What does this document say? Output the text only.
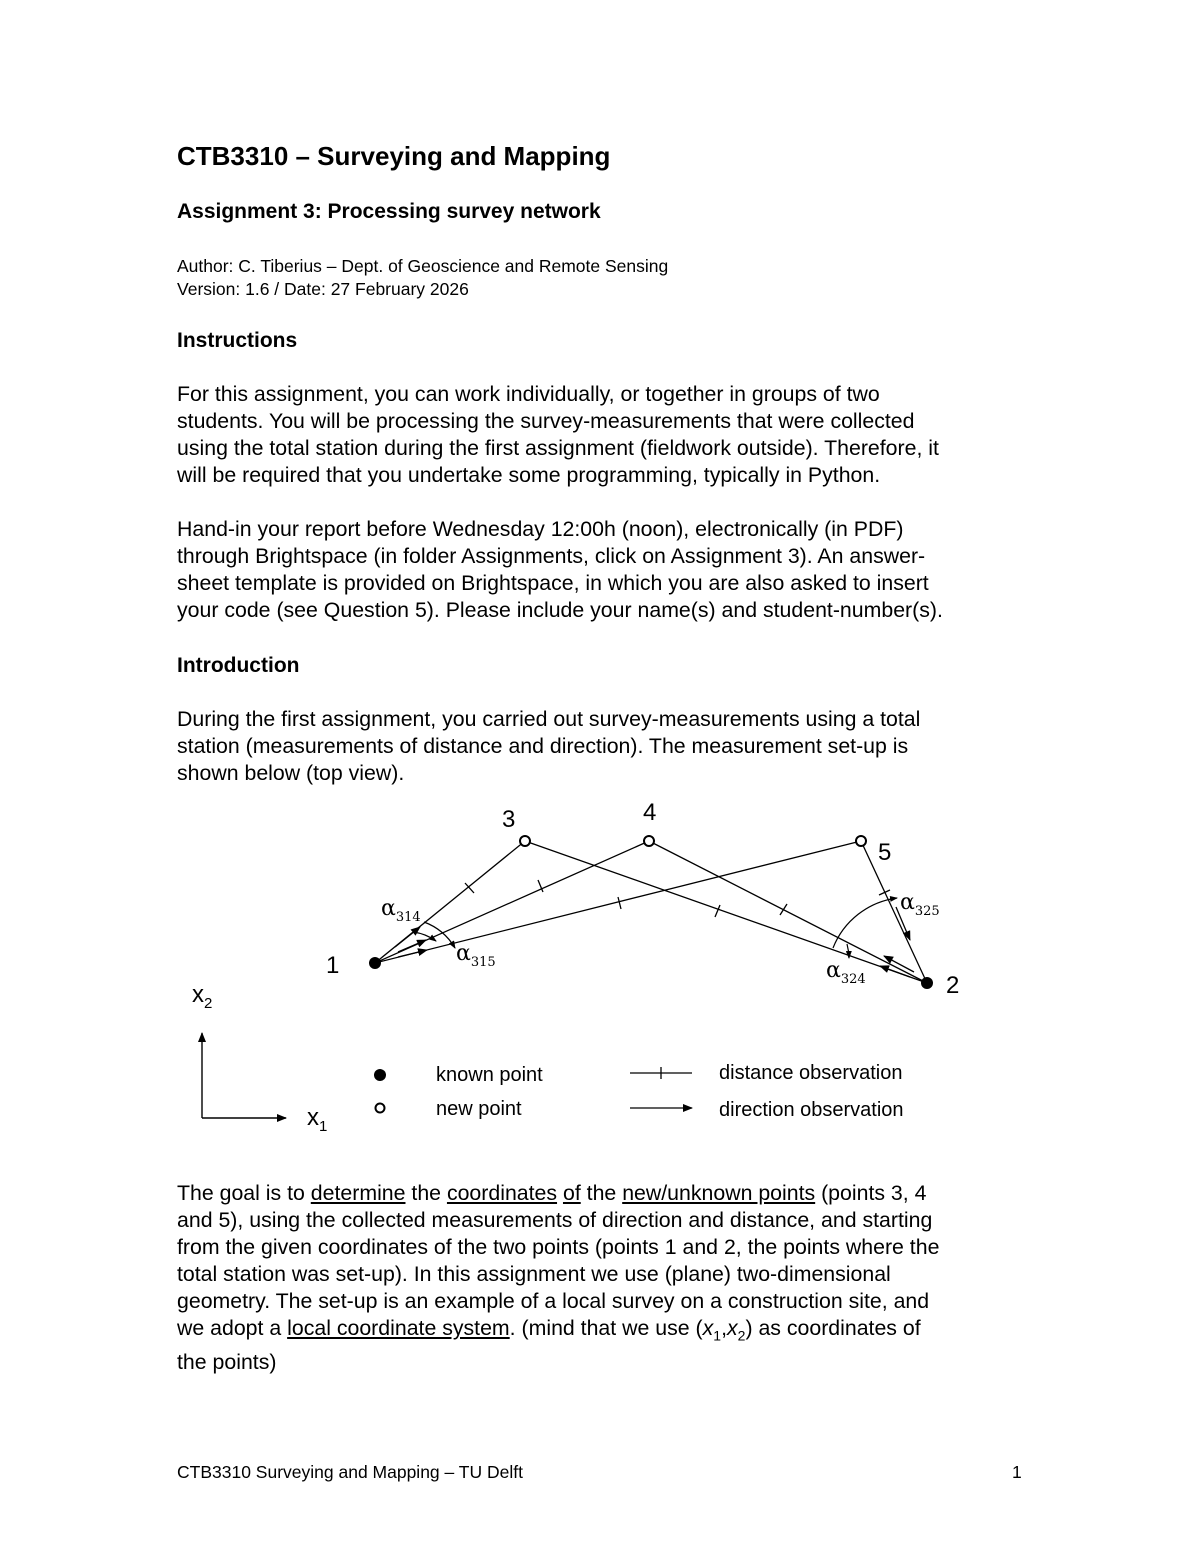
CTB3310 – Surveying and Mapping
Assignment 3: Processing survey network
Author: C. Tiberius – Dept. of Geoscience and Remote Sensing
Version: 1.6 / Date: 27 February 2026
Instructions
For this assignment, you can work individually, or together in groups of two
students. You will be processing the survey-measurements that were collected
using the total station during the first assignment (fieldwork outside). Therefore, it
will be required that you undertake some programming, typically in Python.
Hand-in your report before Wednesday 12:00h (noon), electronically (in PDF)
through Brightspace (in folder Assignments, click on Assignment 3). An answer-
sheet template is provided on Brightspace, in which you are also asked to insert
your code (see Question 5). Please include your name(s) and student-number(s).
Introduction
During the first assignment, you carried out survey-measurements using a total
station (measurements of distance and direction). The measurement set-up is
shown below (top view).
3	4
5
1
2
$\alpha_{314}$
$\alpha_{315}$
$\alpha_{325}$
$\alpha_{324}$
$x_2$
$x_1$
known point
new point
distance observation
direction observation
The goal is to determine the coordinates of the new/unknown points (points 3, 4
and 5), using the collected measurements of direction and distance, and starting
from the given coordinates of the two points (points 1 and 2, the points where the
total station was set-up). In this assignment we use (plane) two-dimensional
geometry. The set-up is an example of a local survey on a construction site, and
we adopt a local coordinate system. (mind that we use $(x_1,x_2)$ as coordinates of
the points)
CTB3310 Surveying and Mapping – TU Delft	1
